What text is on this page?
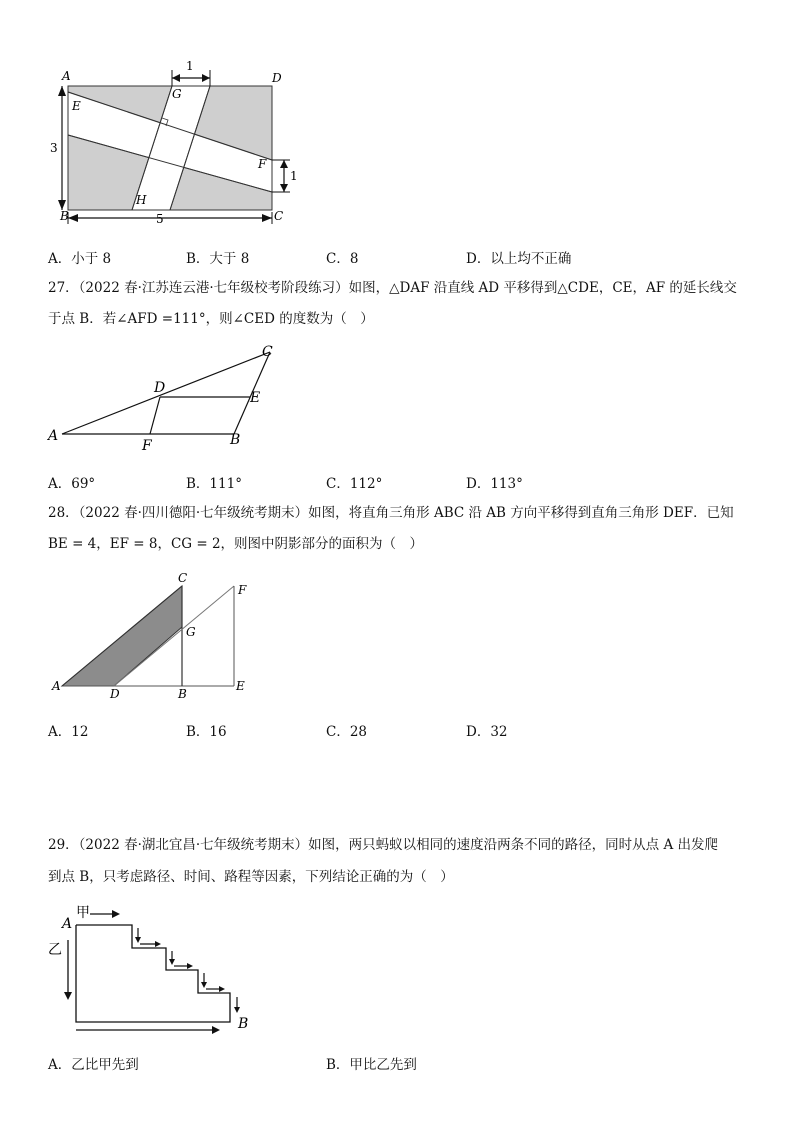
A	D
G
E
F
H
B	C
1
3
1
5
A．小于 8	B．大于 8	C．8	D．以上均不正确
27．（2022 春·江苏连云港·七年级校考阶段练习）如图，△DAF 沿直线 AD 平移得到△CDE，CE，AF 的延长线交
于点 B．若∠AFD =111°，则∠CED 的度数为（　）
A
F	B
D
E
C
A．69°	B．111°	C．112°	D．113°
28．（2022 春·四川德阳·七年级统考期末）如图，将直角三角形 ABC 沿 AB 方向平移得到直角三角形 DEF．已知
BE = 4，EF = 8，CG = 2，则图中阴影部分的面积为（　）
A
D	B
E
C
F
G
A．12	B．16	C．28	D．32
29．（2022 春·湖北宜昌·七年级统考期末）如图，两只蚂蚁以相同的速度沿两条不同的路径，同时从点 A 出发爬
到点 B，只考虑路径、时间、路程等因素，下列结论正确的为（　）
A
甲
乙
B
A．乙比甲先到	B．甲比乙先到
